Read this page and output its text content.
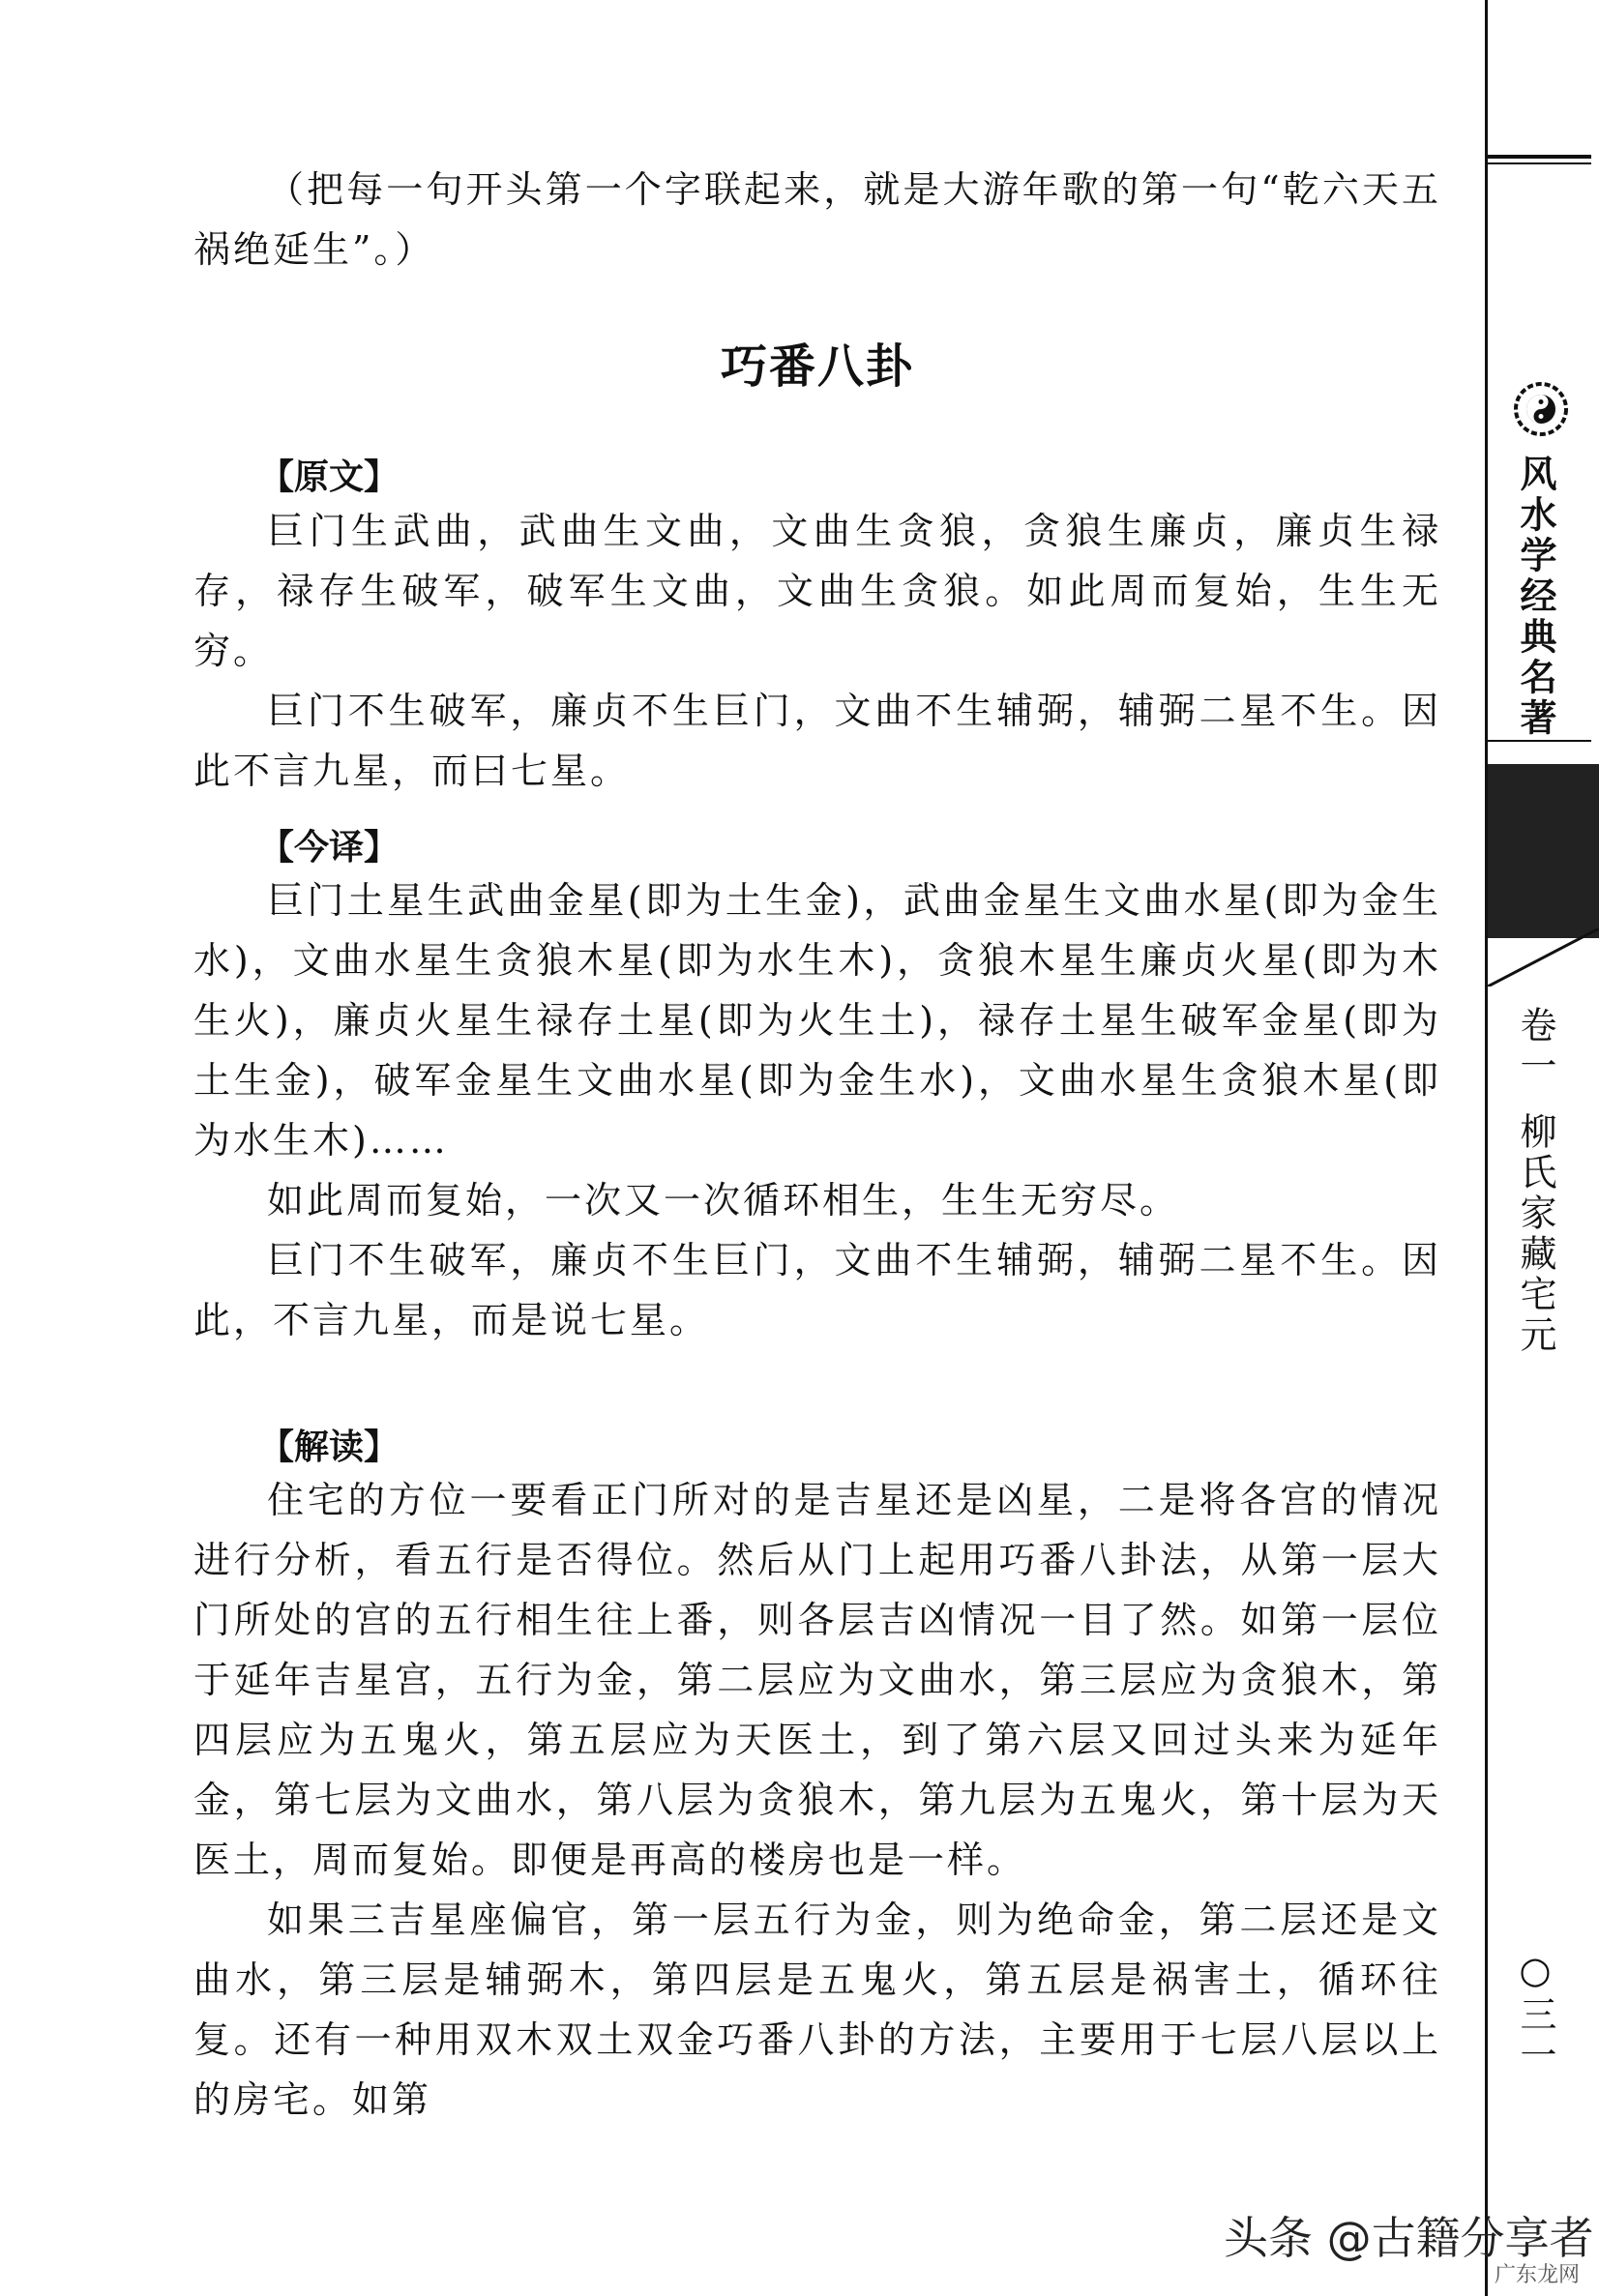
（把每一句开头第一个字联起来，就是大游年歌的第一句“乾六天五祸绝延生”。）

巧番八卦
【原文】

巨门生武曲，武曲生文曲，文曲生贪狼，贪狼生廉贞，廉贞生禄存，禄存生破军，破军生文曲，文曲生贪狼。如此周而复始，生生无穷。

巨门不生破军，廉贞不生巨门，文曲不生辅弼，辅弼二星不生。因此不言九星，而曰七星。

【今译】

巨门土星生武曲金星(即为土生金)，武曲金星生文曲水星(即为金生水)，文曲水星生贪狼木星(即为水生木)，贪狼木星生廉贞火星(即为木生火)，廉贞火星生禄存土星(即为火生土)，禄存土星生破军金星(即为土生金)，破军金星生文曲水星(即为金生水)，文曲水星生贪狼木星(即为水生木)……

如此周而复始，一次又一次循环相生，生生无穷尽。

巨门不生破军，廉贞不生巨门，文曲不生辅弼，辅弼二星不生。因此，不言九星，而是说七星。

【解读】

住宅的方位一要看正门所对的是吉星还是凶星，二是将各宫的情况进行分析，看五行是否得位。然后从门上起用巧番八卦法，从第一层大门所处的宫的五行相生往上番，则各层吉凶情况一目了然。如第一层位于延年吉星宫，五行为金，第二层应为文曲水，第三层应为贪狼木，第四层应为五鬼火，第五层应为天医土，到了第六层又回过头来为延年金，第七层为文曲水，第八层为贪狼木，第九层为五鬼火，第十层为天医土，周而复始。即便是再高的楼房也是一样。

如果三吉星座偏官，第一层五行为金，则为绝命金，第二层还是文曲水，第三层是辅弼木，第四层是五鬼火，第五层是祸害土，循环往复。还有一种用双木双土双金巧番八卦的方法，主要用于七层八层以上的房宅。如第

风水学经典名著
卷一
柳氏家藏宅元
○三一
头条 @古籍分享者
广东龙网
